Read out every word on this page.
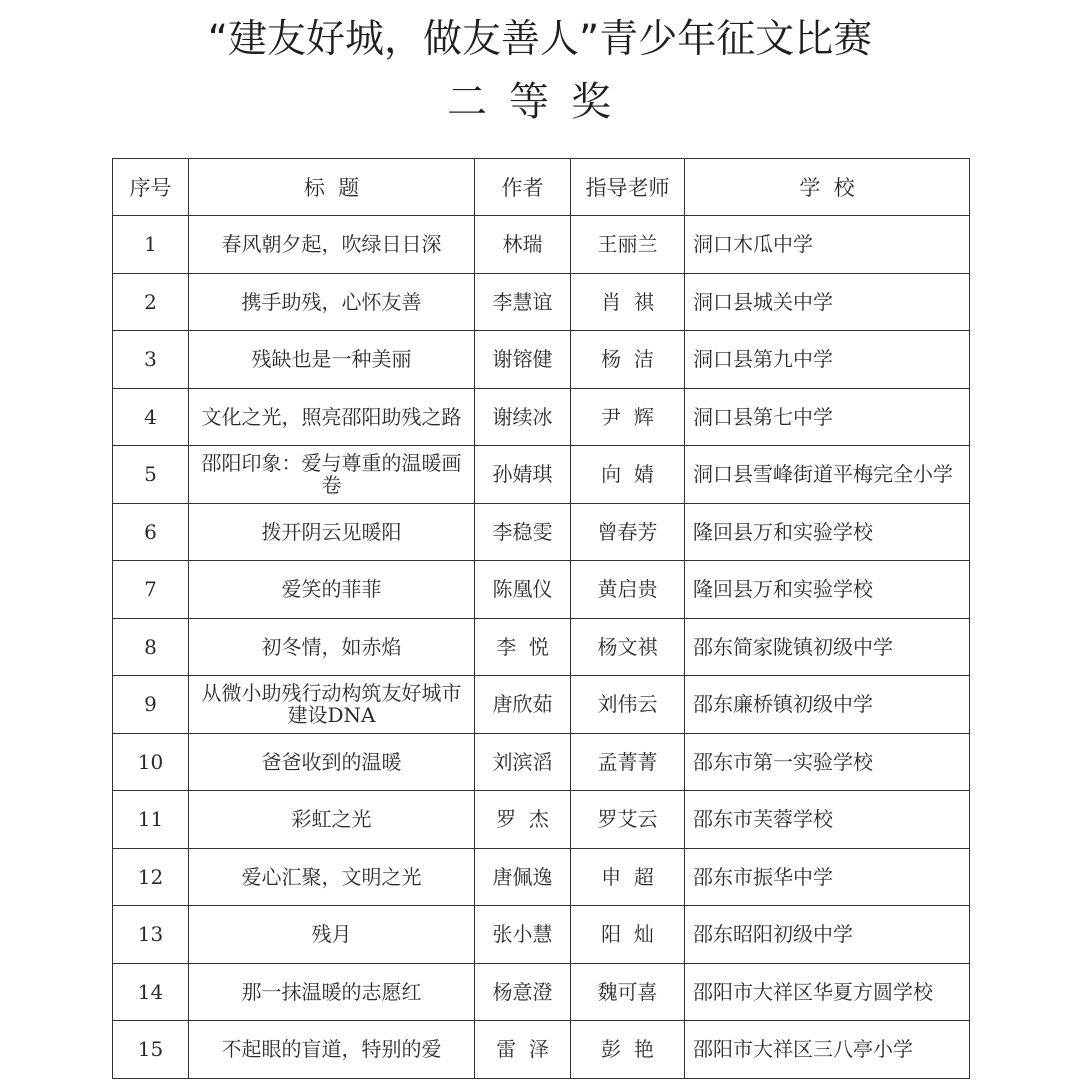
“建友好城，做友善人”青少年征文比赛
二等奖
序号	标  题	作者	指导老师	学  校
1	春风朝夕起，吹绿日日深	林瑞	王丽兰	洞口木瓜中学
2	携手助残，心怀友善	李慧谊	肖  祺	洞口县城关中学
3	残缺也是一种美丽	谢镕健	杨  洁	洞口县第九中学
4	文化之光，照亮邵阳助残之路	谢续冰	尹  辉	洞口县第七中学
5	邵阳印象：爱与尊重的温暖画卷	孙婧琪	向  婧	洞口县雪峰街道平梅完全小学
6	拨开阴云见暖阳	李稳雯	曾春芳	隆回县万和实验学校
7	爱笑的菲菲	陈凰仪	黄启贵	隆回县万和实验学校
8	初冬情，如赤焰	李  悦	杨文祺	邵东简家陇镇初级中学
9	从微小助残行动构筑友好城市建设DNA	唐欣茹	刘伟云	邵东廉桥镇初级中学
10	爸爸收到的温暖	刘滨滔	孟菁菁	邵东市第一实验学校
11	彩虹之光	罗  杰	罗艾云	邵东市芙蓉学校
12	爱心汇聚，文明之光	唐佩逸	申  超	邵东市振华中学
13	残月	张小慧	阳  灿	邵东昭阳初级中学
14	那一抹温暖的志愿红	杨意澄	魏可喜	邵阳市大祥区华夏方圆学校
15	不起眼的盲道，特别的爱	雷  泽	彭  艳	邵阳市大祥区三八亭小学
